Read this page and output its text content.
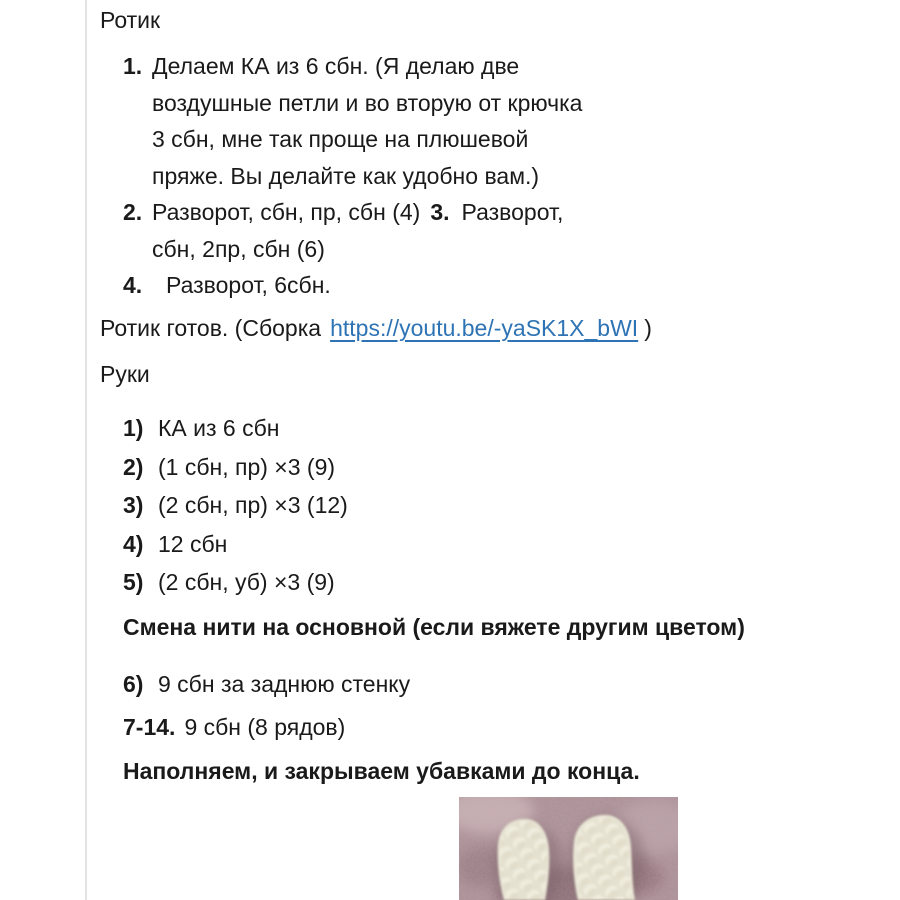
Ротик
1. Делаем КА из 6 сбн. (Я делаю две
воздушные петли и во вторую от крючка
3 сбн, мне так проще на плюшевой
пряже. Вы делайте как удобно вам.)
2. Разворот, сбн, пр, сбн (4) 3. Разворот,
сбн, 2пр, сбн (6)
4.	Разворот, 6сбн.
Ротик готов. (Сборка https://youtu.be/-yaSK1X_bWI )
Руки
1) КА из 6 сбн
2) (1 сбн, пр) ×3 (9)
3) (2 сбн, пр) ×3 (12)
4) 12 сбн
5) (2 сбн, уб) ×3 (9)
Смена нити на основной (если вяжете другим цветом)
6) 9 сбн за заднюю стенку
7-14. 9 сбн (8 рядов)
Наполняем, и закрываем убавками до конца.
